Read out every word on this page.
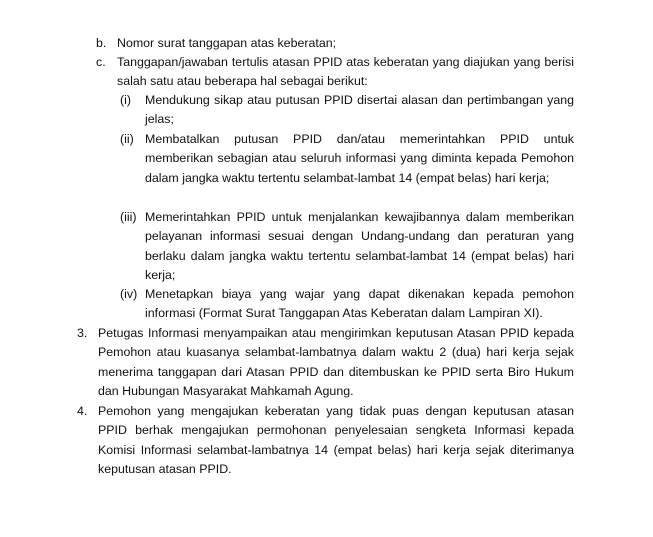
b. Nomor surat tanggapan atas keberatan;
c. Tanggapan/jawaban tertulis atasan PPID atas keberatan yang diajukan yang berisi salah satu atau beberapa hal sebagai berikut:
(i)	Mendukung sikap atau putusan PPID disertai alasan dan pertimbangan yang jelas;
(ii) Membatalkan putusan PPID dan/atau memerintahkan PPID untuk memberikan sebagian atau seluruh informasi yang diminta kepada Pemohon dalam jangka waktu tertentu selambat-lambat 14 (empat belas) hari kerja;
(iii) Memerintahkan PPID untuk menjalankan kewajibannya dalam memberikan pelayanan informasi sesuai dengan Undang-undang dan peraturan yang berlaku dalam jangka waktu tertentu selambat-lambat 14 (empat belas) hari kerja;
(iv) Menetapkan biaya yang wajar yang dapat dikenakan kepada pemohon informasi (Format Surat Tanggapan Atas Keberatan dalam Lampiran XI).
3. Petugas Informasi menyampaikan atau mengirimkan keputusan Atasan PPID kepada Pemohon atau kuasanya selambat-lambatnya dalam waktu 2 (dua) hari kerja sejak menerima tanggapan dari Atasan PPID dan ditembuskan ke PPID serta Biro Hukum dan Hubungan Masyarakat Mahkamah Agung.
4. Pemohon yang mengajukan keberatan yang tidak puas dengan keputusan atasan PPID berhak mengajukan permohonan penyelesaian sengketa Informasi kepada Komisi Informasi selambat-lambatnya 14 (empat belas) hari kerja sejak diterimanya keputusan atasan PPID.
